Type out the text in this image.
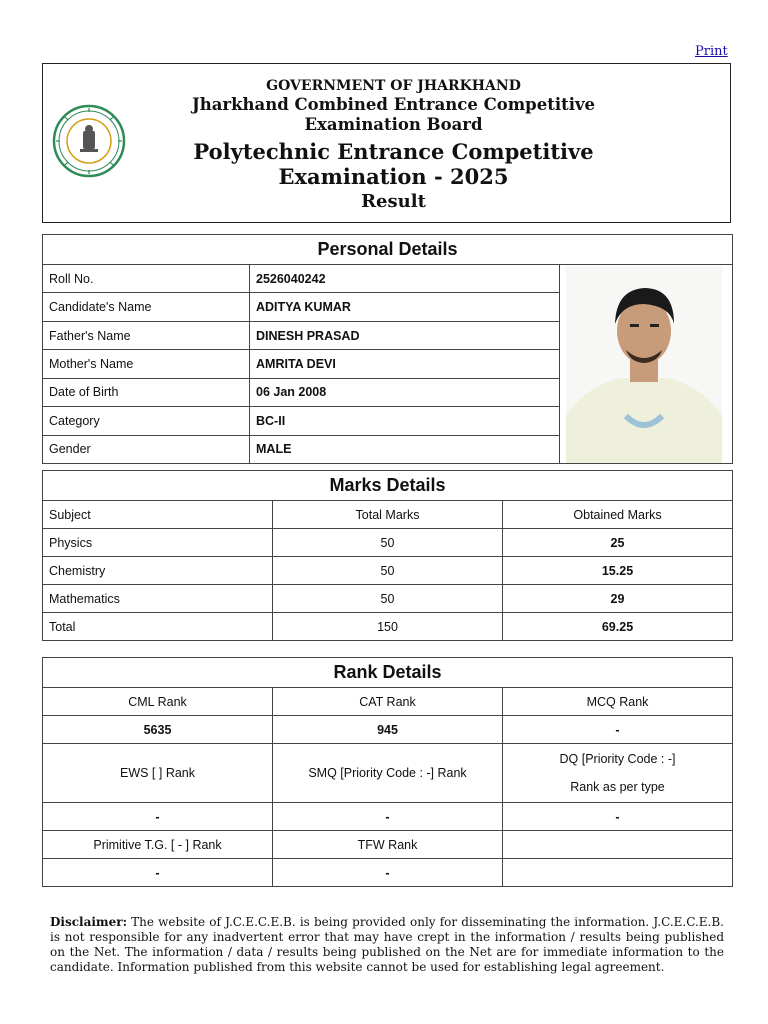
Print
GOVERNMENT OF JHARKHAND
Jharkhand Combined Entrance Competitive Examination Board
Polytechnic Entrance Competitive Examination - 2025
Result
Personal Details		
Roll No.	2526040242	

Candidate's Name	ADITYA KUMAR	
Father's Name	DINESH PRASAD	
Mother's Name	AMRITA DEVI	
Date of Birth	06 Jan 2008	
Category	BC-II	
Gender	MALE	
Marks Details		
Subject	Total Marks	Obtained Marks
Physics	50	25
Chemistry	50	15.25
Mathematics	50	29
Total	150	69.25
Rank Details		
CML Rank	CAT Rank	MCQ Rank
5635	945	-
EWS [ ] Rank	SMQ [Priority Code : -] Rank	DQ [Priority Code : -]
Rank as per type

-	-	-
Primitive T.G. [ - ] Rank	TFW Rank	
-	-	
Disclaimer: The website of J.C.E.C.E.B. is being provided only for disseminating the information. J.C.E.C.E.B. is not responsible for any inadvertent error that may have crept in the information / results being published on the Net. The information / data / results being published on the Net are for immediate information to the candidate. Information published from this website cannot be used for establishing legal agreement.
